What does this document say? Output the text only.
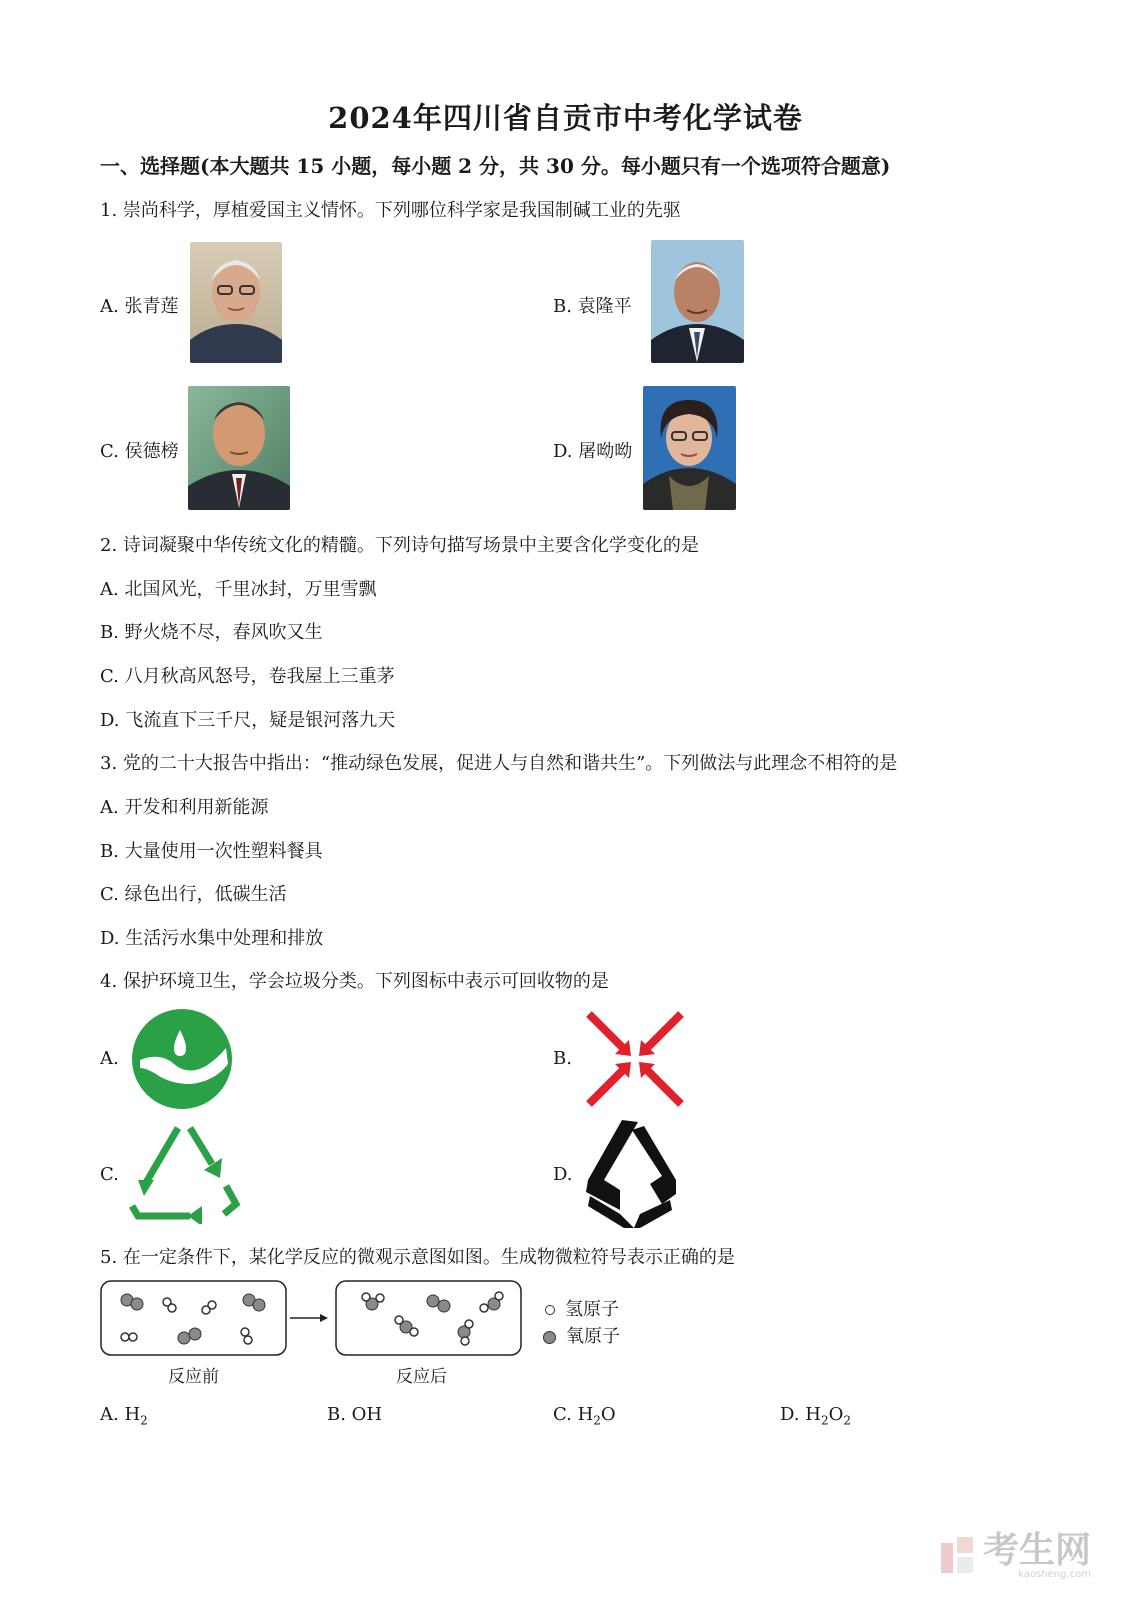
2024年四川省自贡市中考化学试卷
一、选择题(本大题共 15 小题，每小题 2 分，共 30 分。每小题只有一个选项符合题意)
1. 崇尚科学，厚植爱国主义情怀。下列哪位科学家是我国制碱工业的先驱
A. 张青莲	B. 袁隆平
C. 侯德榜	D. 屠呦呦
2. 诗词凝聚中华传统文化的精髓。下列诗句描写场景中主要含化学变化的是
A. 北国风光，千里冰封，万里雪飘
B. 野火烧不尽，春风吹又生
C. 八月秋高风怒号，卷我屋上三重茅
D. 飞流直下三千尺，疑是银河落九天
3. 党的二十大报告中指出：“推动绿色发展，促进人与自然和谐共生”。下列做法与此理念不相符的是
A. 开发和利用新能源
B. 大量使用一次性塑料餐具
C. 绿色出行，低碳生活
D. 生活污水集中处理和排放
4. 保护环境卫生，学会垃圾分类。下列图标中表示可回收物的是
A.	B.
C.	D.
5. 在一定条件下，某化学反应的微观示意图如图。生成物微粒符号表示正确的是
反应前	反应后
氢原子
氧原子
A. $H_2$	B. OH	C. $H_2O$	D. $H_2O_2$
考生网
kaosheng.com
